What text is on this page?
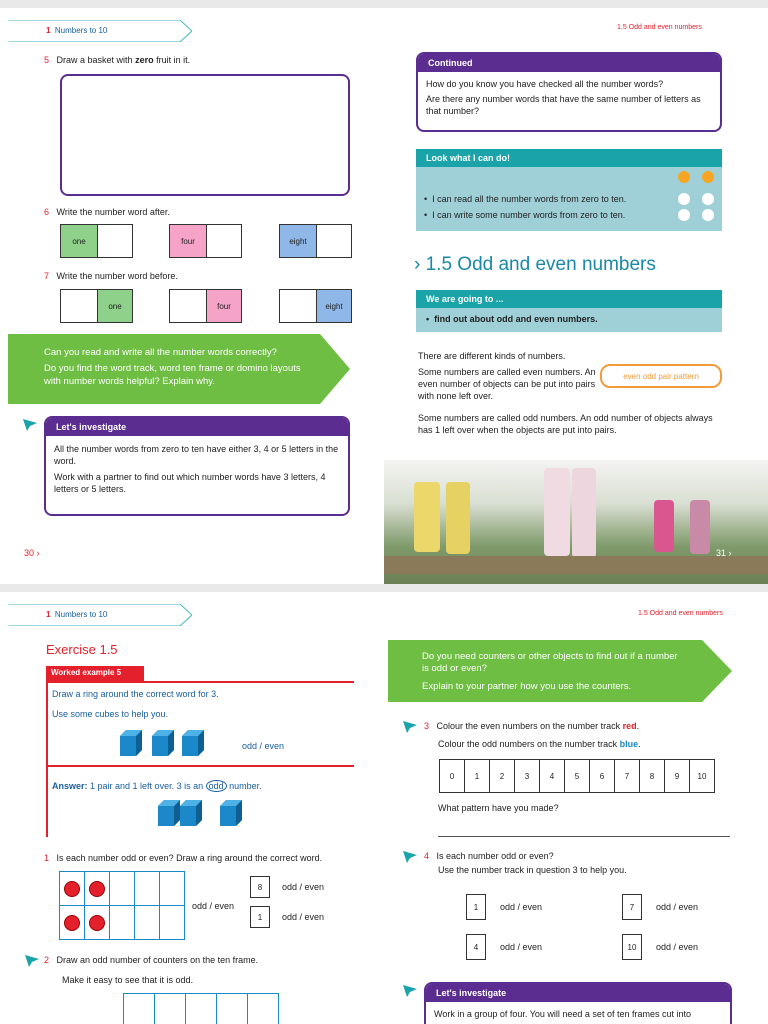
1 Numbers to 10	1.5 Odd and even numbers
5 Draw a basket with zero fruit in it.
6 Write the number word after.
one	four	eight
7 Write the number word before.
one	four	eight
Can you read and write all the number words correctly?
Do you find the word track, word ten frame or domino layouts
with number words helpful? Explain why.
Let's investigate
All the number words from zero to ten have either 3, 4 or 5 letters in the word.
Work with a partner to find out which number words have 3 letters, 4 letters or 5 letters.
30 ›
Continued
How do you know you have checked all the number words?
Are there any number words that have the same number of letters as that number?
Look what I can do!
•  I can read all the number words from zero to ten.
•  I can write some number words from zero to ten.
› 1.5 Odd and even numbers
We are going to ...
•  find out about odd and even numbers.
There are different kinds of numbers.
Some numbers are called even numbers. An even number of objects can be put into pairs with none left over.
even odd pair pattern
Some numbers are called odd numbers. An odd number of objects always has 1 left over when the objects are put into pairs.
31 ›
1 Numbers to 10	1.5 Odd and even numbers
Exercise 1.5
Worked example 5
Draw a ring around the correct word for 3.
Use some cubes to help you.
odd / even
Answer: 1 pair and 1 left over. 3 is an odd number.
1 Is each number odd or even? Draw a ring around the correct word.
odd / even
8	odd / even
1	odd / even
2 Draw an odd number of counters on the ten frame.
Make it easy to see that it is odd.
Do you need counters or other objects to find out if a number
is odd or even?
Explain to your partner how you use the counters.
3 Colour the even numbers on the number track red.
Colour the odd numbers on the number track blue.
0	1	2	3	4	5	6	7	8	9	10
What pattern have you made?
4 Is each number odd or even?
Use the number track in question 3 to help you.
1	odd / even	7	odd / even
4	odd / even	10	odd / even
Let's investigate
Work in a group of four. You will need a set of ten frames cut into
